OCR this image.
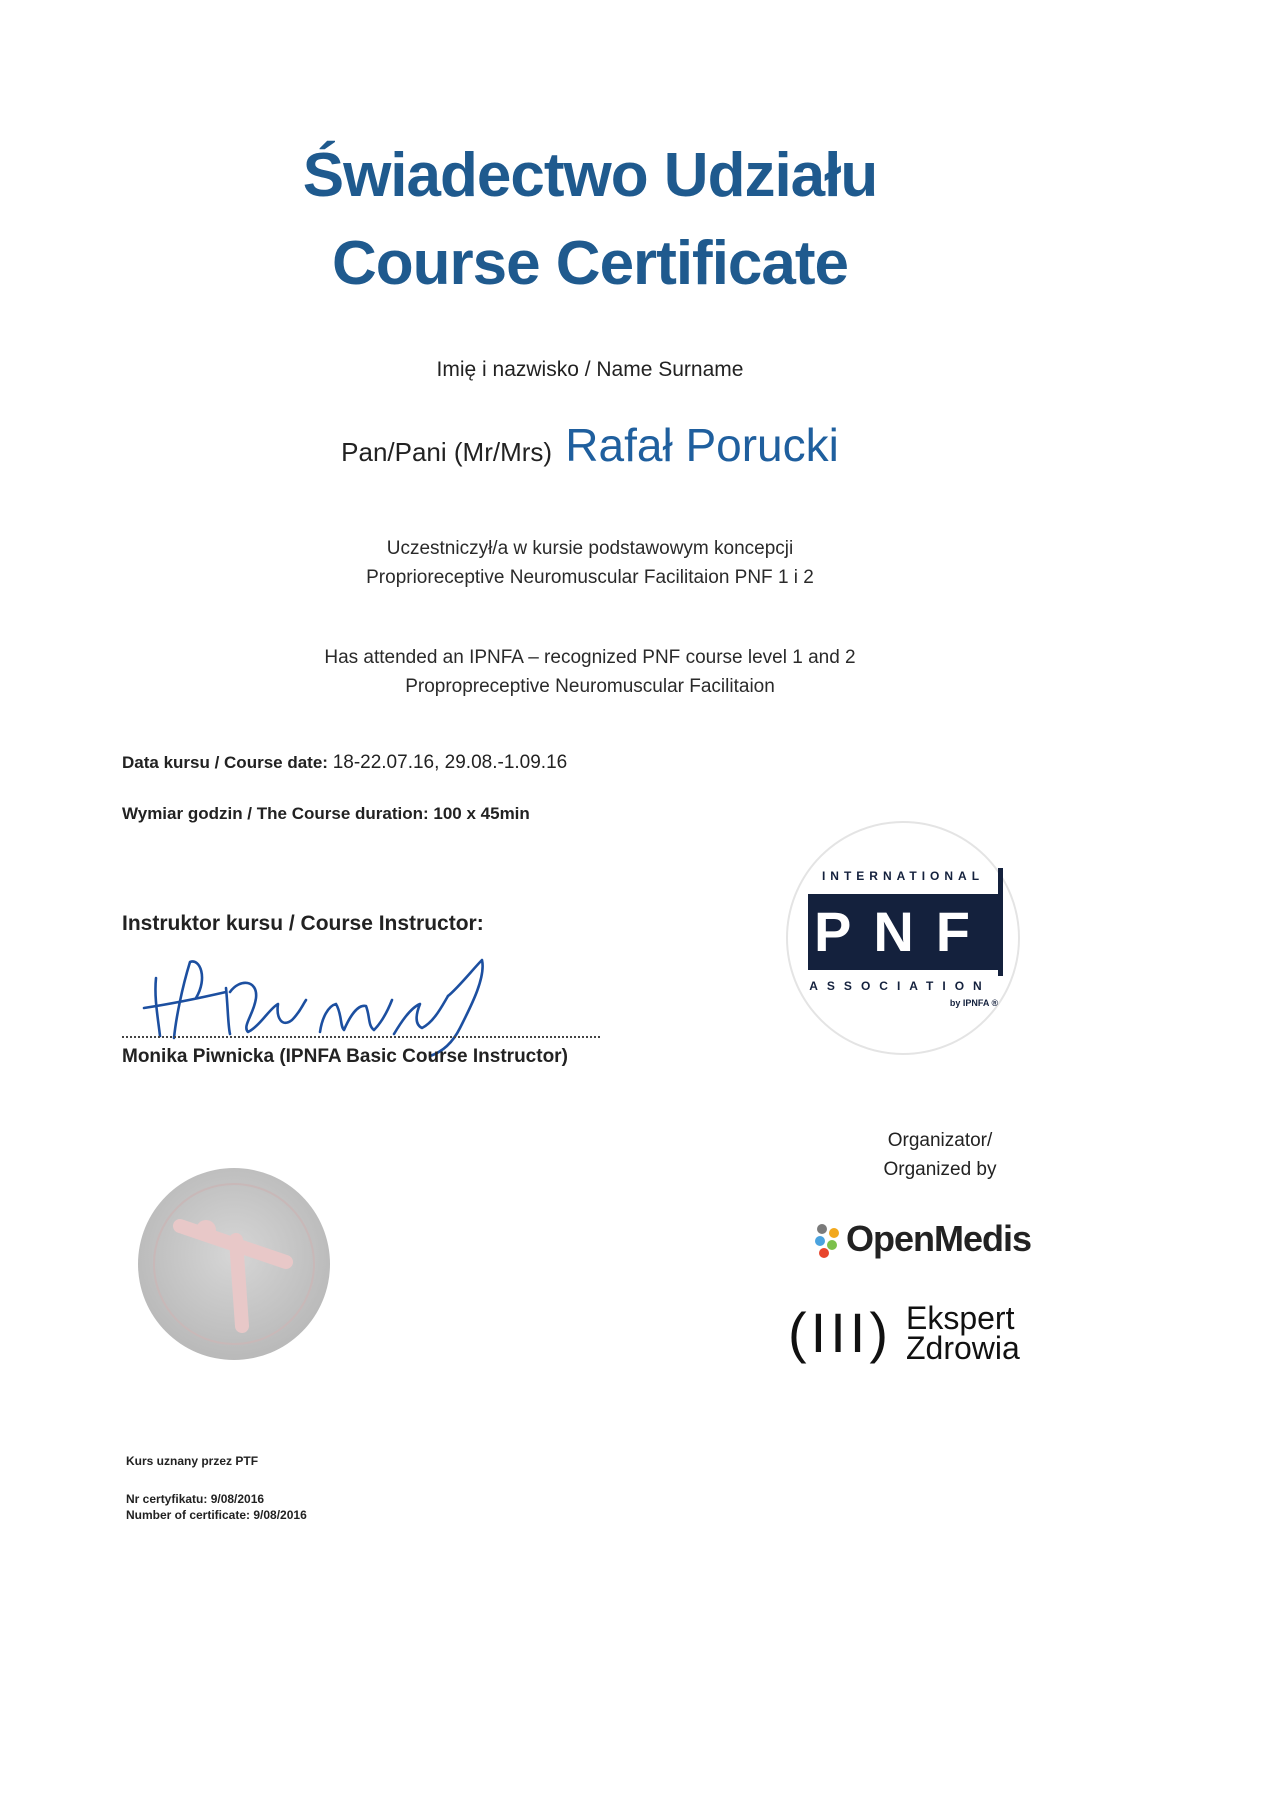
Świadectwo Udziału
Course Certificate
Imię i nazwisko / Name Surname
Pan/Pani (Mr/Mrs) Rafał Porucki
Uczestniczył/a w kursie podstawowym koncepcji
Proprioreceptive Neuromuscular Facilitaion PNF 1 i 2
Has attended an IPNFA – recognized PNF course level 1 and 2
Propropreceptive Neuromuscular Facilitaion
Data kursu / Course date: 18-22.07.16, 29.08.-1.09.16
Wymiar godzin / The Course duration: 100 x 45min
Instruktor kursu / Course Instructor:
Monika Piwnicka (IPNFA Basic Course Instructor)
INTERNATIONAL
PNF
ASSOCIATION
by IPNFA ®
Organizator/
Organized by
OpenMedis
(III) Ekspert
Zdrowia
Kurs uznany przez PTF
Nr certyfikatu: 9/08/2016
Number of certificate: 9/08/2016
